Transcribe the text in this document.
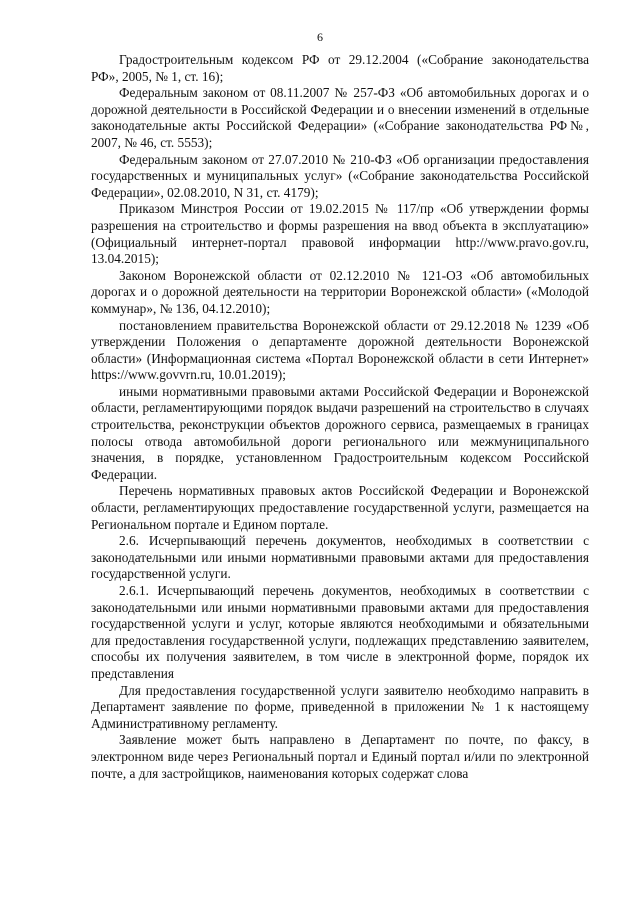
6

Градостроительным кодексом РФ от 29.12.2004 («Собрание законодательства РФ», 2005, № 1, ст. 16);

Федеральным законом от 08.11.2007 № 257-ФЗ «Об автомобильных дорогах и о дорожной деятельности в Российской Федерации и о внесении изменений в отдельные законодательные акты Российской Федерации» («Собрание законодательства РФ№, 2007, № 46, ст. 5553);

Федеральным законом от 27.07.2010 № 210-ФЗ «Об организации предоставления государственных и муниципальных услуг» («Собрание законодательства Российской Федерации», 02.08.2010, N 31, ст. 4179);

Приказом Минстроя России от 19.02.2015 № 117/пр «Об утверждении формы разрешения на строительство и формы разрешения на ввод объекта в эксплуатацию» (Официальный интернет-портал правовой информации http://www.pravo.gov.ru, 13.04.2015);

Законом Воронежской области от 02.12.2010 № 121-ОЗ «Об автомобильных дорогах и о дорожной деятельности на территории Воронежской области» («Молодой коммунар», № 136, 04.12.2010);

постановлением правительства Воронежской области от 29.12.2018 № 1239 «Об утверждении Положения о департаменте дорожной деятельности Воронежской области» (Информационная система «Портал Воронежской области в сети Интернет» https://www.govvrn.ru, 10.01.2019);

иными нормативными правовыми актами Российской Федерации и Воронежской области, регламентирующими порядок выдачи разрешений на строительство в случаях строительства, реконструкции объектов дорожного сервиса, размещаемых в границах полосы отвода автомобильной дороги регионального или межмуниципального значения, в порядке, установленном Градостроительным кодексом Российской Федерации.

Перечень нормативных правовых актов Российской Федерации и Воронежской области, регламентирующих предоставление государственной услуги, размещается на Региональном портале и Едином портале.

2.6. Исчерпывающий перечень документов, необходимых в соответствии с законодательными или иными нормативными правовыми актами для предоставления государственной услуги.

2.6.1. Исчерпывающий перечень документов, необходимых в соответствии с законодательными или иными нормативными правовыми актами для предоставления государственной услуги и услуг, которые являются необходимыми и обязательными для предоставления государственной услуги, подлежащих представлению заявителем, способы их получения заявителем, в том числе в электронной форме, порядок их представления

Для предоставления государственной услуги заявителю необходимо направить в Департамент заявление по форме, приведенной в приложении № 1 к настоящему Административному регламенту.

Заявление может быть направлено в Департамент по почте, по факсу, в электронном виде через Региональный портал и Единый портал и/или по электронной почте, а для застройщиков, наименования которых содержат слова
